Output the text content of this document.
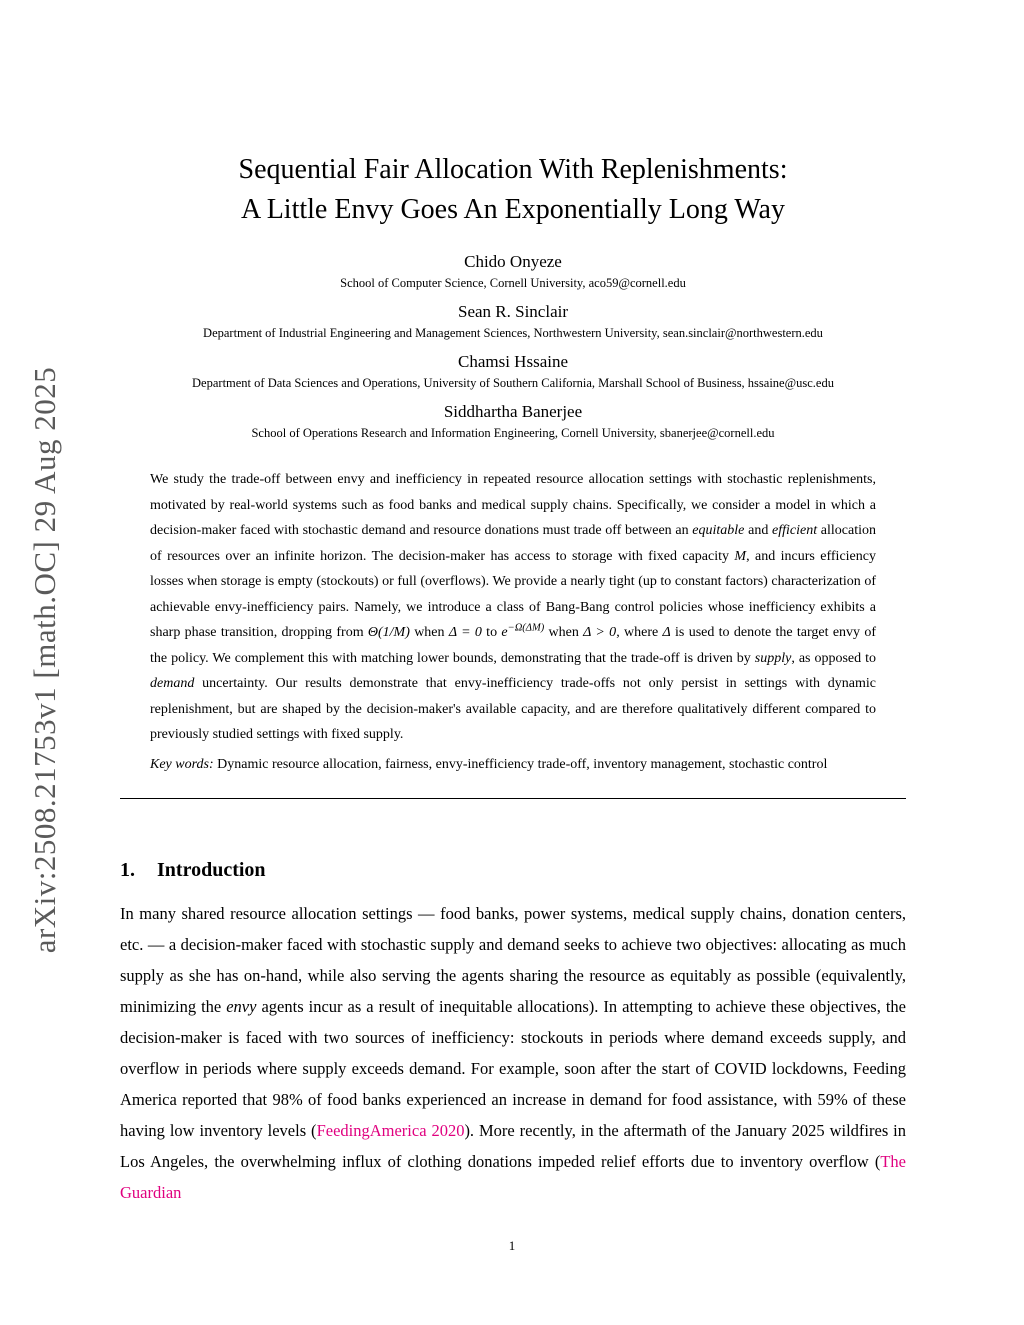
arXiv:2508.21753v1 [math.OC] 29 Aug 2025
Sequential Fair Allocation With Replenishments:
A Little Envy Goes An Exponentially Long Way
Chido Onyeze
School of Computer Science, Cornell University, aco59@cornell.edu
Sean R. Sinclair
Department of Industrial Engineering and Management Sciences, Northwestern University, sean.sinclair@northwestern.edu
Chamsi Hssaine
Department of Data Sciences and Operations, University of Southern California, Marshall School of Business, hssaine@usc.edu
Siddhartha Banerjee
School of Operations Research and Information Engineering, Cornell University, sbanerjee@cornell.edu

We study the trade-off between envy and inefficiency in repeated resource allocation settings with stochastic replenishments, motivated by real-world systems such as food banks and medical supply chains. Specifically, we consider a model in which a decision-maker faced with stochastic demand and resource donations must trade off between an equitable and efficient allocation of resources over an infinite horizon. The decision-maker has access to storage with fixed capacity M, and incurs efficiency losses when storage is empty (stockouts) or full (overflows). We provide a nearly tight (up to constant factors) characterization of achievable envy-inefficiency pairs. Namely, we introduce a class of Bang-Bang control policies whose inefficiency exhibits a sharp phase transition, dropping from Θ(1/M) when Δ = 0 to $e^{-\Omega(\Delta M)}$ when Δ > 0, where Δ is used to denote the target envy of the policy. We complement this with matching lower bounds, demonstrating that the trade-off is driven by supply, as opposed to demand uncertainty. Our results demonstrate that envy-inefficiency trade-offs not only persist in settings with dynamic replenishment, but are shaped by the decision-maker's available capacity, and are therefore qualitatively different compared to previously studied settings with fixed supply.

Key words: Dynamic resource allocation, fairness, envy-inefficiency trade-off, inventory management, stochastic control

1. Introduction

In many shared resource allocation settings — food banks, power systems, medical supply chains, donation centers, etc. — a decision-maker faced with stochastic supply and demand seeks to achieve two objectives: allocating as much supply as she has on-hand, while also serving the agents sharing the resource as equitably as possible (equivalently, minimizing the envy agents incur as a result of inequitable allocations). In attempting to achieve these objectives, the decision-maker is faced with two sources of inefficiency: stockouts in periods where demand exceeds supply, and overflow in periods where supply exceeds demand. For example, soon after the start of COVID lockdowns, Feeding America reported that 98% of food banks experienced an increase in demand for food assistance, with 59% of these having low inventory levels (FeedingAmerica 2020). More recently, in the aftermath of the January 2025 wildfires in Los Angeles, the overwhelming influx of clothing donations impeded relief efforts due to inventory overflow (The Guardian

1
